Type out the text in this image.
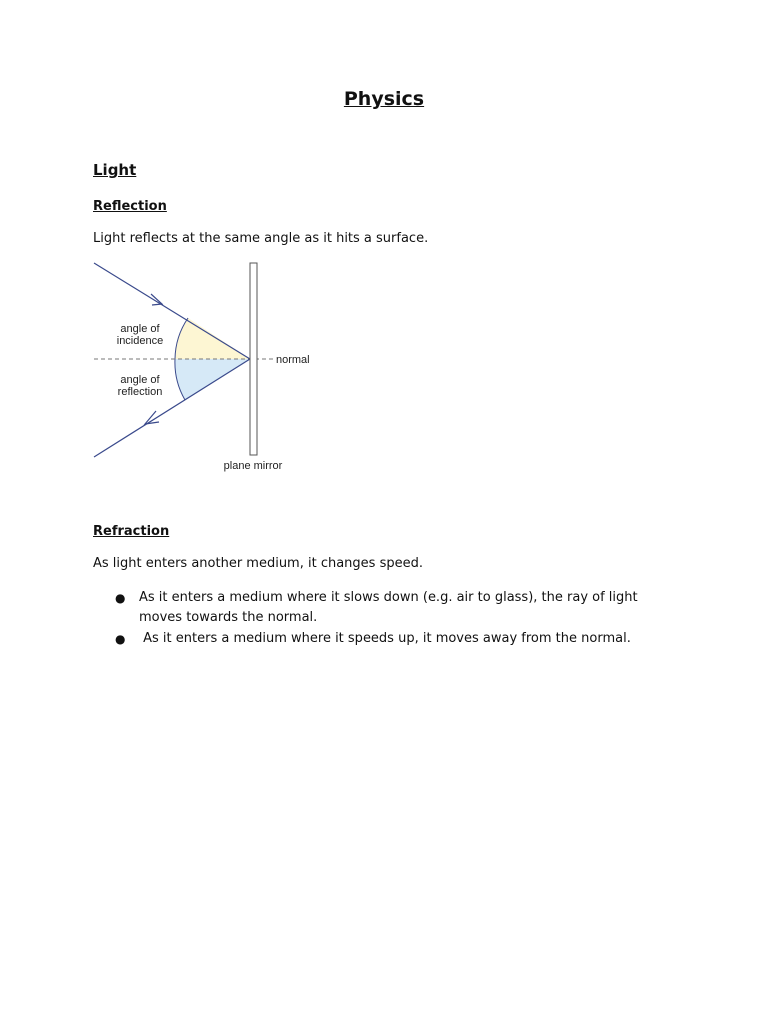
Physics
Light
Reflection

Light reflects at the same angle as it hits a surface.

angle of
incidence
angle of
reflection
normal
plane mirror
Refraction

As light enters another medium, it changes speed.

● As it enters a medium where it slows down (e.g. air to glass), the ray of light moves towards the normal.
● As it enters a medium where it speeds up, it moves away from the normal.
